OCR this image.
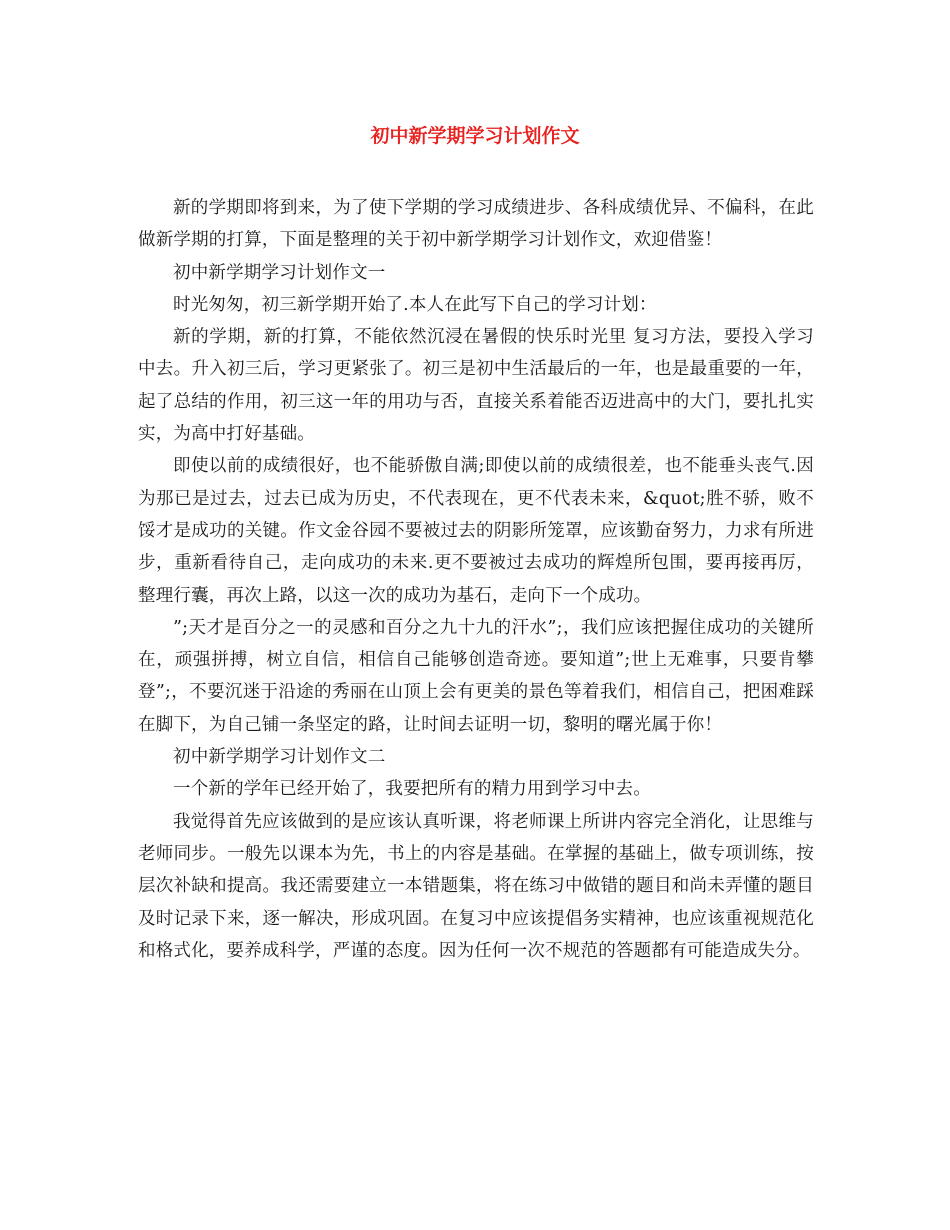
初中新学期学习计划作文

新的学期即将到来，为了使下学期的学习成绩进步、各科成绩优异、不偏科，在此做新学期的打算，下面是整理的关于初中新学期学习计划作文，欢迎借鉴！

初中新学期学习计划作文一

时光匆匆，初三新学期开始了.本人在此写下自己的学习计划：

新的学期，新的打算，不能依然沉浸在暑假的快乐时光里 复习方法，要投入学习中去。升入初三后，学习更紧张了。初三是初中生活最后的一年，也是最重要的一年，起了总结的作用，初三这一年的用功与否，直接关系着能否迈进高中的大门，要扎扎实实，为高中打好基础。

即使以前的成绩很好，也不能骄傲自满;即使以前的成绩很差，也不能垂头丧气.因为那已是过去，过去已成为历史，不代表现在，更不代表未来，&quot;胜不骄，败不馁才是成功的关键。作文金谷园不要被过去的阴影所笼罩，应该勤奋努力，力求有所进步，重新看待自己，走向成功的未来.更不要被过去成功的辉煌所包围，要再接再厉，整理行囊，再次上路，以这一次的成功为基石，走向下一个成功。

”;天才是百分之一的灵感和百分之九十九的汗水”;，我们应该把握住成功的关键所在，顽强拼搏，树立自信，相信自己能够创造奇迹。要知道”;世上无难事，只要肯攀登”;，不要沉迷于沿途的秀丽在山顶上会有更美的景色等着我们，相信自己，把困难踩在脚下，为自己铺一条坚定的路，让时间去证明一切，黎明的曙光属于你！

初中新学期学习计划作文二

一个新的学年已经开始了，我要把所有的精力用到学习中去。

我觉得首先应该做到的是应该认真听课，将老师课上所讲内容完全消化，让思维与老师同步。一般先以课本为先，书上的内容是基础。在掌握的基础上，做专项训练，按层次补缺和提高。我还需要建立一本错题集，将在练习中做错的题目和尚未弄懂的题目及时记录下来，逐一解决，形成巩固。在复习中应该提倡务实精神，也应该重视规范化和格式化，要养成科学，严谨的态度。因为任何一次不规范的答题都有可能造成失分。
